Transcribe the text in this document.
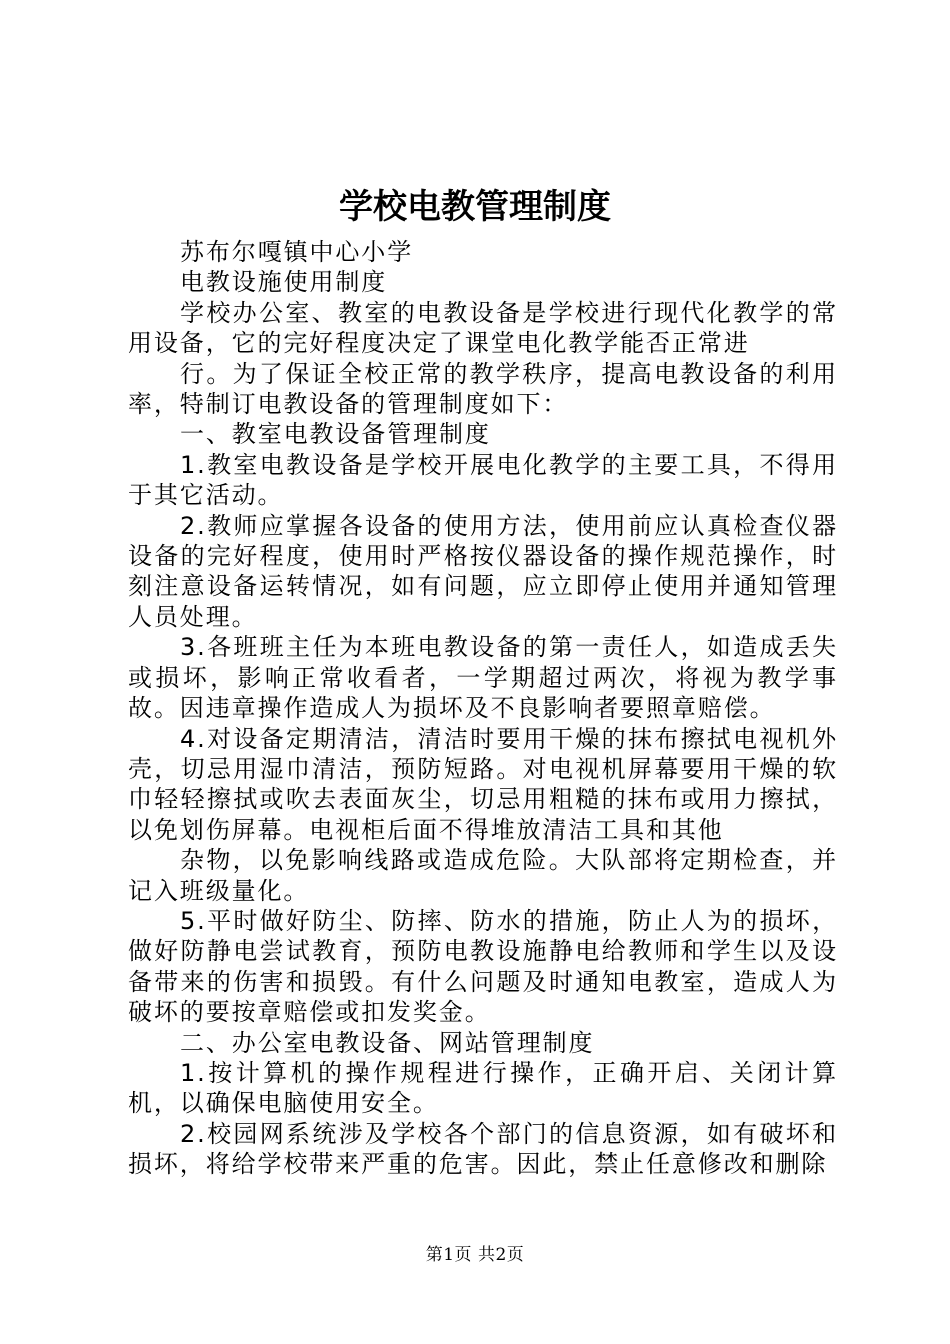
学校电教管理制度

苏布尔嘎镇中心小学

电教设施使用制度

学校办公室、教室的电教设备是学校进行现代化教学的常用设备，它的完好程度决定了课堂电化教学能否正常进

行。为了保证全校正常的教学秩序，提高电教设备的利用率，特制订电教设备的管理制度如下：

一、教室电教设备管理制度

1.教室电教设备是学校开展电化教学的主要工具，不得用于其它活动。

2.教师应掌握各设备的使用方法，使用前应认真检查仪器设备的完好程度，使用时严格按仪器设备的操作规范操作，时刻注意设备运转情况，如有问题，应立即停止使用并通知管理人员处理。

3.各班班主任为本班电教设备的第一责任人，如造成丢失或损坏，影响正常收看者，一学期超过两次，将视为教学事故。因违章操作造成人为损坏及不良影响者要照章赔偿。

4.对设备定期清洁，清洁时要用干燥的抹布擦拭电视机外壳，切忌用湿巾清洁，预防短路。对电视机屏幕要用干燥的软巾轻轻擦拭或吹去表面灰尘，切忌用粗糙的抹布或用力擦拭，以免划伤屏幕。电视柜后面不得堆放清洁工具和其他

杂物，以免影响线路或造成危险。大队部将定期检查，并记入班级量化。

5.平时做好防尘、防摔、防水的措施，防止人为的损坏，做好防静电尝试教育，预防电教设施静电给教师和学生以及设备带来的伤害和损毁。有什么问题及时通知电教室，造成人为破坏的要按章赔偿或扣发奖金。

二、办公室电教设备、网站管理制度

1.按计算机的操作规程进行操作，正确开启、关闭计算机，以确保电脑使用安全。

2.校园网系统涉及学校各个部门的信息资源，如有破坏和损坏，将给学校带来严重的危害。因此，禁止任意修改和删除

第1页 共2页
